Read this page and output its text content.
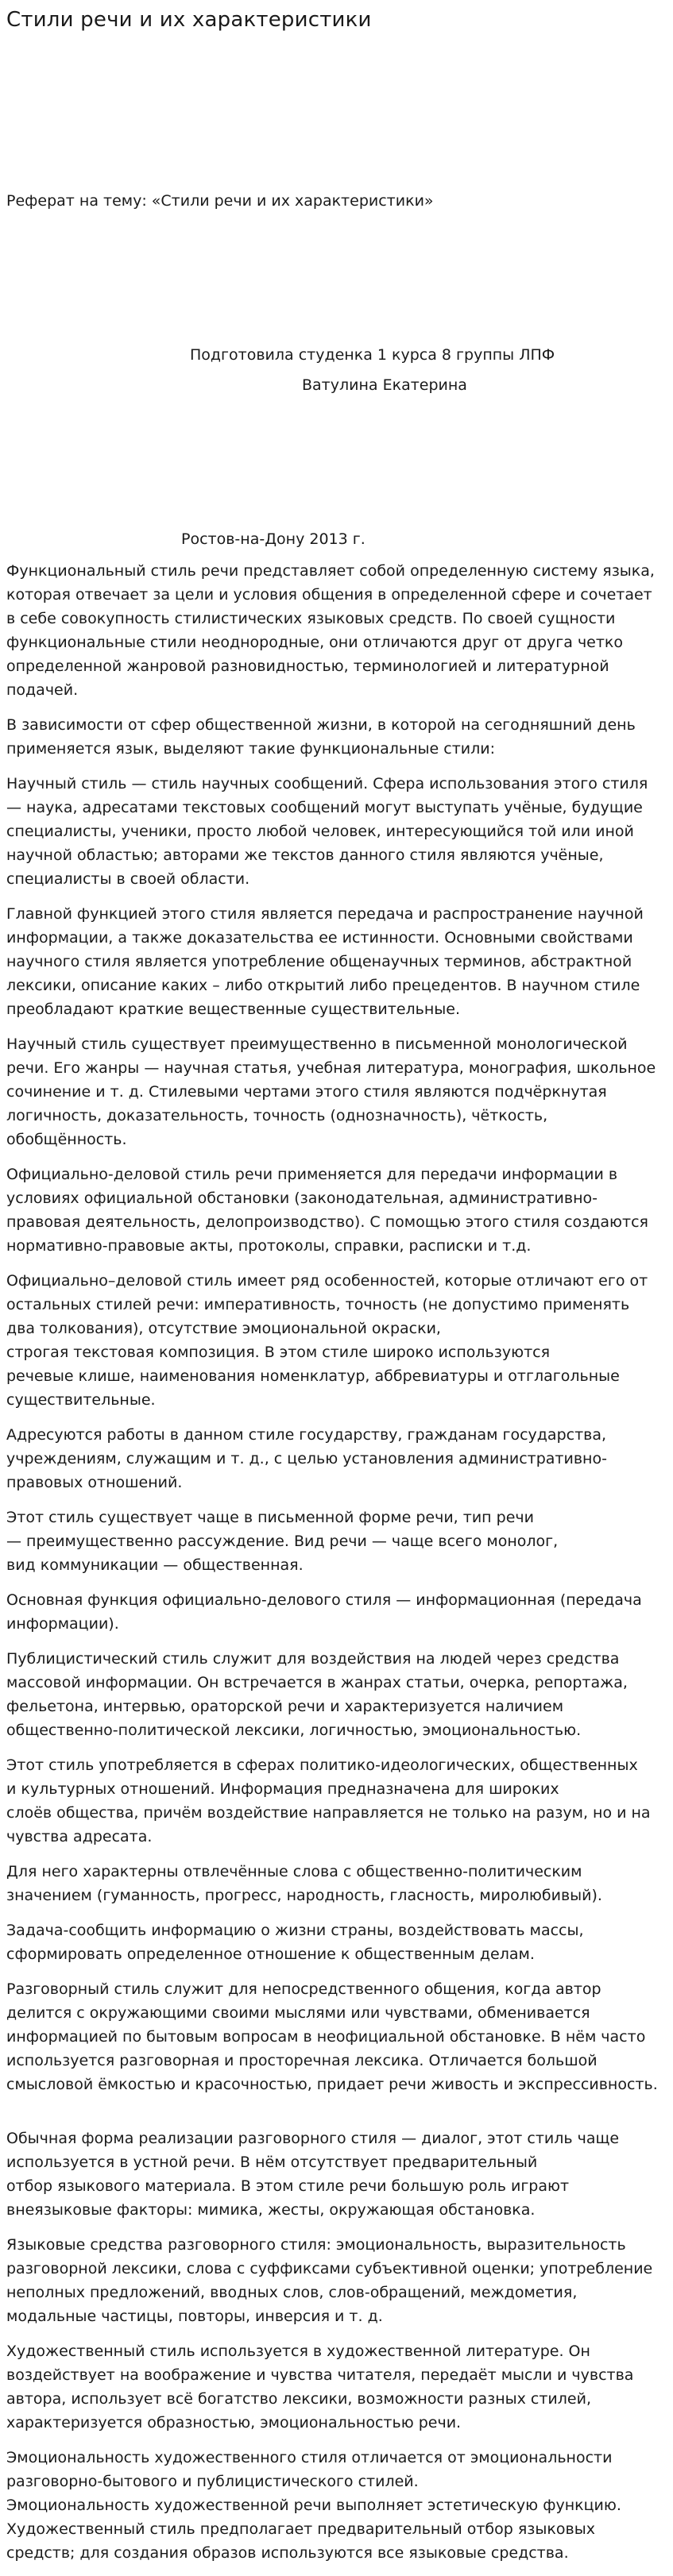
Стили речи и их характеристики

Реферат на тему: «Стили речи и их характеристики»

Подготовила студенка 1 курса 8 группы ЛПФ

Ватулина Екатерина

Ростов-на-Дону 2013 г.

Функциональный стиль речи представляет собой определенную систему языка,
которая отвечает за цели и условия общения в определенной сфере и сочетает
в себе совокупность стилистических языковых средств. По своей сущности
функциональные стили неоднородные, они отличаются друг от друга четко
определенной жанровой разновидностью, терминологией и литературной
подачей.

В зависимости от сфер общественной жизни, в которой на сегодняшний день
применяется язык, выделяют такие функциональные стили:

Научный стиль — стиль научных сообщений. Сфера использования этого стиля
— наука, адресатами текстовых сообщений могут выступать учёные, будущие
специалисты, ученики, просто любой человек, интересующийся той или иной
научной областью; авторами же текстов данного стиля являются учёные,
специалисты в своей области.

Главной функцией этого стиля является передача и распространение научной
информации, а также доказательства ее истинности. Основными свойствами
научного стиля является употребление общенаучных терминов, абстрактной
лексики, описание каких – либо открытий либо прецедентов. В научном стиле
преобладают краткие вещественные существительные.

Научный стиль существует преимущественно в письменной монологической
речи. Его жанры — научная статья, учебная литература, монография, школьное
сочинение и т. д. Стилевыми чертами этого стиля являются подчёркнутая
логичность, доказательность, точность (однозначность), чёткость,
обобщённость.

Официально-деловой стиль речи применяется для передачи информации в
условиях официальной обстановки (законодательная, административно-
правовая деятельность, делопроизводство). С помощью этого стиля создаются
нормативно-правовые акты, протоколы, справки, расписки и т.д.

Официально–деловой стиль имеет ряд особенностей, которые отличают его от
остальных стилей речи: императивность, точность (не допустимо применять
два толкования), отсутствие эмоциональной окраски,
строгая текстовая композиция. В этом стиле широко используются
речевые клише, наименования номенклатур, аббревиатуры и отглагольные
существительные.

Адресуются работы в данном стиле государству, гражданам государства,
учреждениям, служащим и т. д., с целью установления административно-
правовых отношений.

Этот стиль существует чаще в письменной форме речи, тип речи
— преимущественно рассуждение. Вид речи — чаще всего монолог,
вид коммуникации — общественная.

Основная функция официально-делового стиля — информационная (передача
информации).

Публицистический стиль служит для воздействия на людей через средства
массовой информации. Он встречается в жанрах статьи, очерка, репортажа,
фельетона, интервью, ораторской речи и характеризуется наличием
общественно-политической лексики, логичностью, эмоциональностью.

Этот стиль употребляется в сферах политико-идеологических, общественных
и культурных отношений. Информация предназначена для широких
слоёв общества, причём воздействие направляется не только на разум, но и на
чувства адресата.

Для него характерны отвлечённые слова с общественно-политическим
значением (гуманность, прогресс, народность, гласность, миролюбивый).

Задача-сообщить информацию о жизни страны, воздействовать массы,
сформировать определенное отношение к общественным делам.

Разговорный стиль служит для непосредственного общения, когда автор
делится с окружающими своими мыслями или чувствами, обменивается
информацией по бытовым вопросам в неофициальной обстановке. В нём часто
используется разговорная и просторечная лексика. Отличается большой
смысловой ёмкостью и красочностью, придает речи живость и экспрессивность.

Обычная форма реализации разговорного стиля — диалог, этот стиль чаще
используется в устной речи. В нём отсутствует предварительный
отбор языкового материала. В этом стиле речи большую роль играют
внеязыковые факторы: мимика, жесты, окружающая обстановка.

Языковые средства разговорного стиля: эмоциональность, выразительность
разговорной лексики, слова с суффиксами субъективной оценки; употребление
неполных предложений, вводных слов, слов-обращений, междометия,
модальные частицы, повторы, инверсия и т. д.

Художественный стиль используется в художественной литературе. Он
воздействует на воображение и чувства читателя, передаёт мысли и чувства
автора, использует всё богатство лексики, возможности разных стилей,
характеризуется образностью, эмоциональностью речи.

Эмоциональность художественного стиля отличается от эмоциональности
разговорно-бытового и публицистического стилей.
Эмоциональность художественной речи выполняет эстетическую функцию.
Художественный стиль предполагает предварительный отбор языковых
средств; для создания образов используются все языковые средства.
